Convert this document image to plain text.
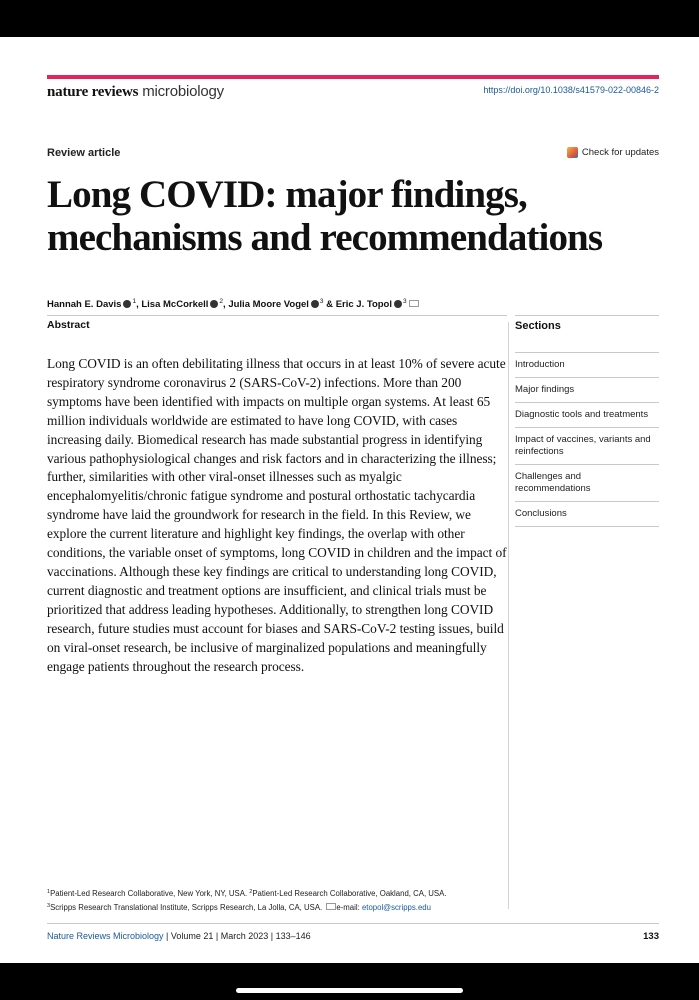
nature reviews microbiology	https://doi.org/10.1038/s41579-022-00846-2
Review article	Check for updates
Long COVID: major findings,
mechanisms and recommendations
Hannah E. Davis $^1$, Lisa McCorkell $^2$, Julia Moore Vogel $^3$ & Eric J. Topol $^3$
Abstract

Long COVID is an often debilitating illness that occurs in at least 10% of severe acute respiratory syndrome coronavirus 2 (SARS-CoV-2) infections. More than 200 symptoms have been identified with impacts on multiple organ systems. At least 65 million individuals worldwide are estimated to have long COVID, with cases increasing daily. Biomedical research has made substantial progress in identifying various pathophysiological changes and risk factors and in characterizing the illness; further, similarities with other viral-onset illnesses such as myalgic encephalomyelitis/chronic fatigue syndrome and postural orthostatic tachycardia syndrome have laid the groundwork for research in the field. In this Review, we explore the current literature and highlight key findings, the overlap with other conditions, the variable onset of symptoms, long COVID in children and the impact of vaccinations. Although these key findings are critical to understanding long COVID, current diagnostic and treatment options are insufficient, and clinical trials must be prioritized that address leading hypotheses. Additionally, to strengthen long COVID research, future studies must account for biases and SARS-CoV-2 testing issues, build on viral-onset research, be inclusive of marginalized populations and meaningfully engage patients throughout the research process.

Sections
Introduction
Major findings
Diagnostic tools and treatments
Impact of vaccines, variants and reinfections
Challenges and recommendations
Conclusions
$^1$Patient-Led Research Collaborative, New York, NY, USA. $^2$Patient-Led Research Collaborative, Oakland, CA, USA.
$^3$Scripps Research Translational Institute, Scripps Research, La Jolla, CA, USA. e-mail: etopol@scripps.edu
Nature Reviews Microbiology | Volume 21 | March 2023 | 133–146	133
